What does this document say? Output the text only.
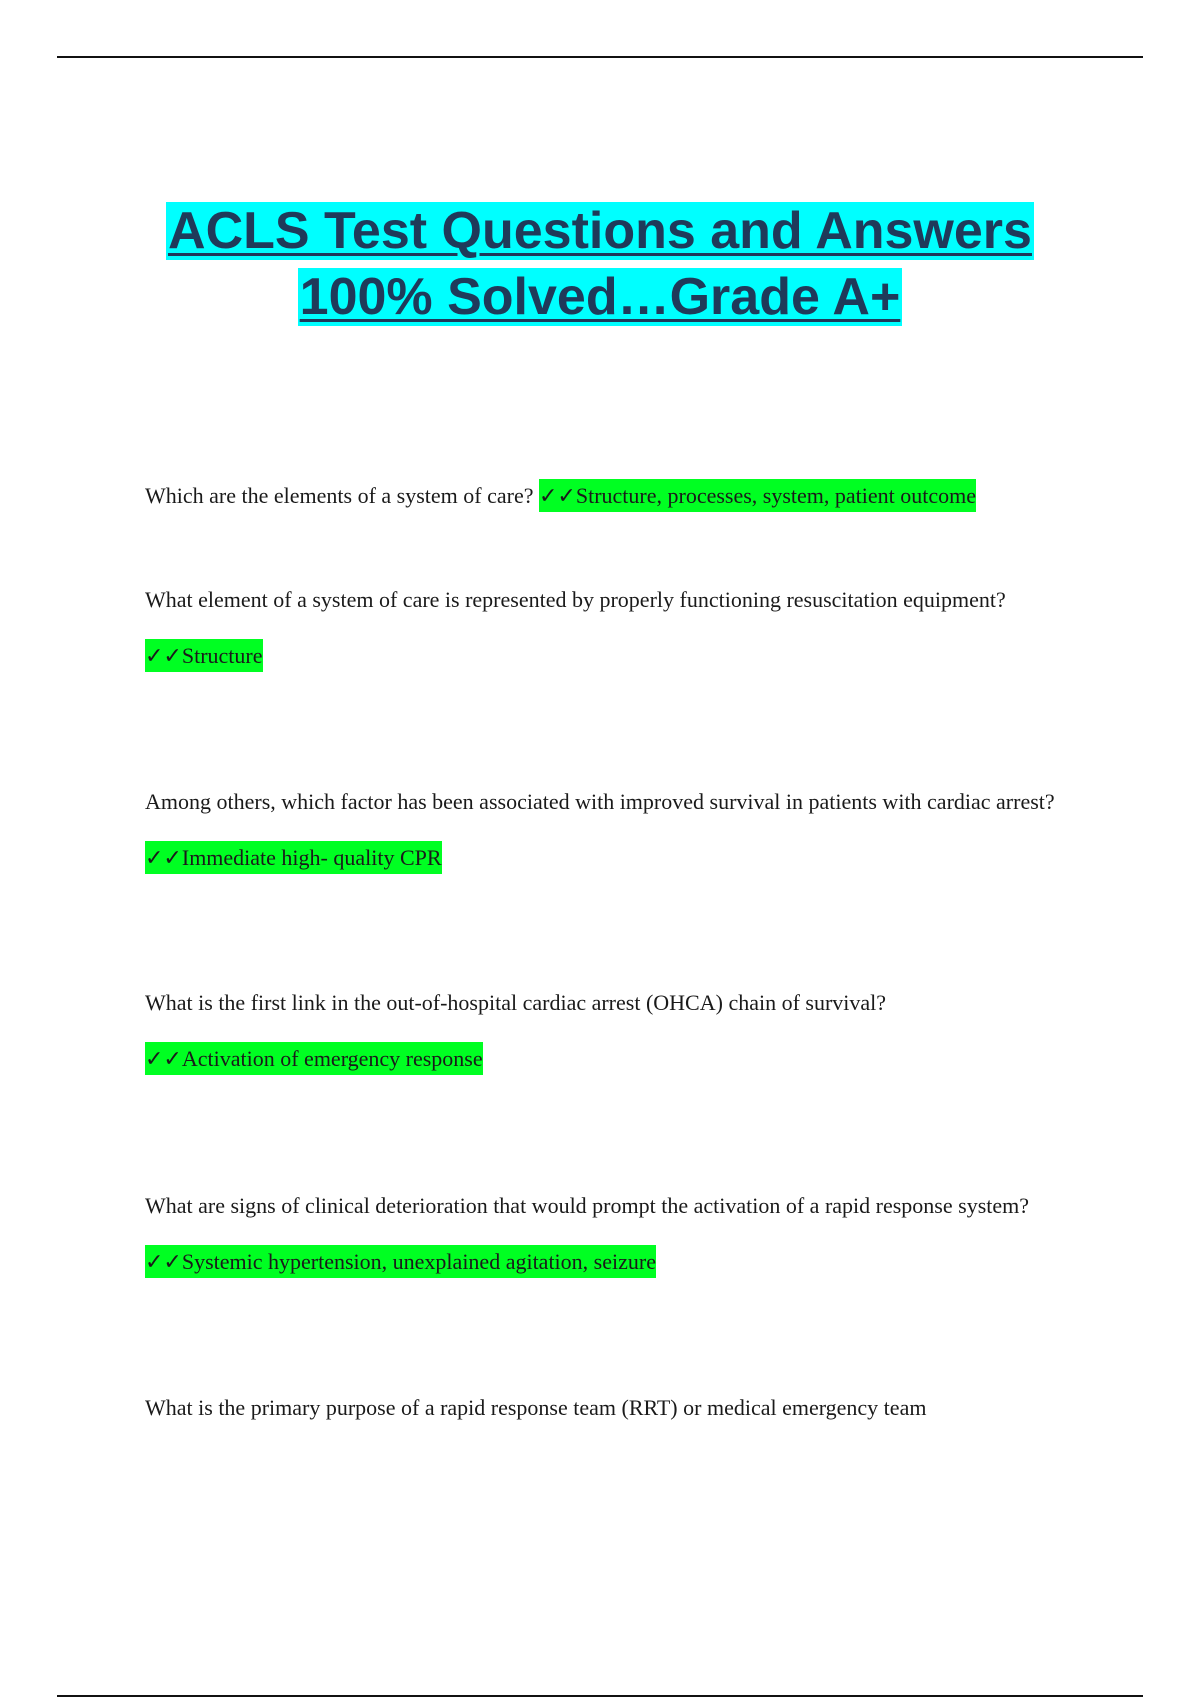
ACLS Test Questions and Answers
100% Solved…Grade A+
Which are the elements of a system of care? ✓✓Structure, processes, system, patient outcome
What element of a system of care is represented by properly functioning resuscitation equipment? ✓✓Structure
Among others, which factor has been associated with improved survival in patients with cardiac arrest? ✓✓Immediate high- quality CPR
What is the first link in the out-of-hospital cardiac arrest (OHCA) chain of survival?
✓✓Activation of emergency response
What are signs of clinical deterioration that would prompt the activation of a rapid response system? ✓✓Systemic hypertension, unexplained agitation, seizure
What is the primary purpose of a rapid response team (RRT) or medical emergency team
